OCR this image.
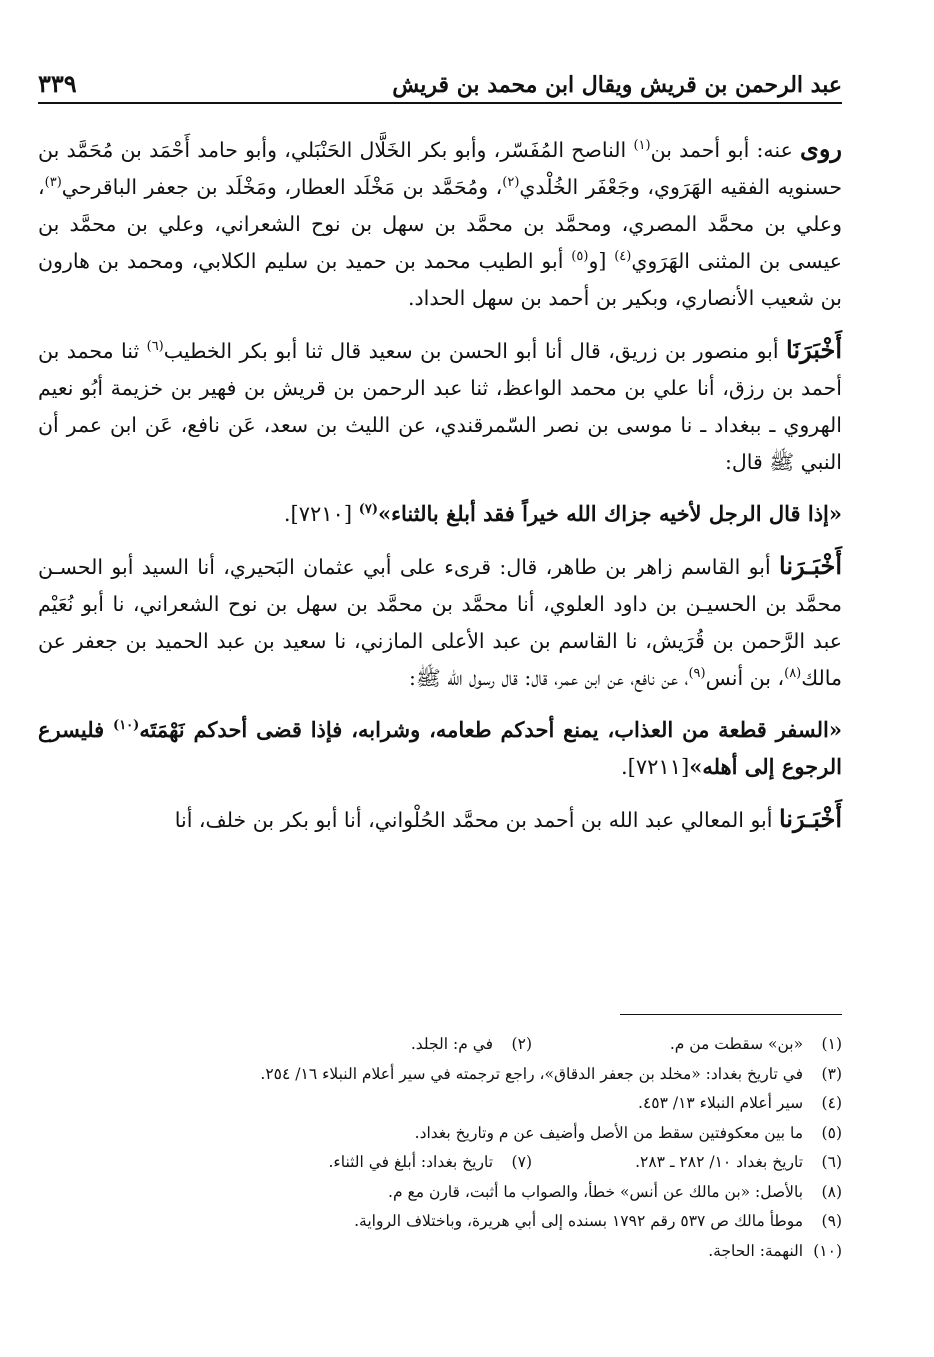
عبد الرحمن بن قريش ويقال ابن محمد بن قريش
٣٣٩

روى عنه: أبو أحمد بن$^{(١)}$ الناصح المُفَسّر، وأبو بكر الخَلَّال الحَنْبَلي، وأبو حامد أَحْمَد بن مُحَمَّد بن حسنويه الفقيه الهَرَوي، وجَعْفَر الخُلْدي$^{(٢)}$، ومُحَمَّد بن مَخْلَد العطار، ومَخْلَد بن جعفر الباقرحي$^{(٣)}$، وعلي بن محمَّد المصري، ومحمَّد بن محمَّد بن سهل بن نوح الشعراني، وعلي بن محمَّد بن عيسى بن المثنى الهَرَوي$^{(٤)}$ [و$^{(٥)}$ أبو الطيب محمد بن حميد بن سليم الكلابي، ومحمد بن هارون بن شعيب الأنصاري، وبكير بن أحمد بن سهل الحداد.

أَخْبَرَنَا أبو منصور بن زريق، قال أنا أبو الحسن بن سعيد قال ثنا أبو بكر الخطيب$^{(٦)}$ ثنا محمد بن أحمد بن رزق، أنا علي بن محمد الواعظ، ثنا عبد الرحمن بن قريش بن فهير بن خزيمة أبُو نعيم الهروي ـ ببغداد ـ نا موسى بن نصر السّمرقندي، عن الليث بن سعد، عَن نافع، عَن ابن عمر أن النبي ﷺ قال:

«إذا قال الرجل لأخيه جزاك الله خيراً فقد أبلغ بالثناء»$^{(٧)}$ [٧٢١٠].

أَخْبَـرَنا أبو القاسم زاهر بن طاهر، قال: قرىء على أبي عثمان البَحيري، أنا السيد أبو الحسـن محمَّد بن الحسيـن بن داود العلوي، أنا محمَّد بن محمَّد بن سهل بن نوح الشعراني، نا أبو نُعَيْم عبد الرَّحمن بن قُرَيش، نا القاسم بن عبد الأعلى المازني، نا سعيد بن عبد الحميد بن جعفر عن مالك$^{(٨)}$، بن أنس$^{(٩)}$، عن نافع، عن ابن عمر، قال: قال رسول الله ﷺ:

«السفر قطعة من العذاب، يمنع أحدكم طعامه، وشرابه، فإذا قضى أحدكم نَهْمَتَه$^{(١٠)}$ فليسرع الرجوع إلى أهله»[٧٢١١].

أَخْبَـرَنا أبو المعالي عبد الله بن أحمد بن محمَّد الحُلْواني، أنا أبو بكر بن خلف، أنا

(١) «بن» سقطت من م.
(٢) في م: الجلد.
(٣) في تاريخ بغداد: «مخلد بن جعفر الدقاق»، راجع ترجمته في سير أعلام النبلاء ١٦/ ٢٥٤.
(٤) سير أعلام النبلاء ١٣/ ٤٥٣.
(٥) ما بين معكوفتين سقط من الأصل وأضيف عن م وتاريخ بغداد.
(٦) تاريخ بغداد ١٠/ ٢٨٢ ـ ٢٨٣.
(٧) تاريخ بغداد: أبلغ في الثناء.
(٨) بالأصل: «بن مالك عن أنس» خطأ، والصواب ما أثبت، قارن مع م.
(٩) موطأ مالك ص ٥٣٧ رقم ١٧٩٢ بسنده إلى أبي هريرة، وباختلاف الرواية.
(١٠) النهمة: الحاجة.
